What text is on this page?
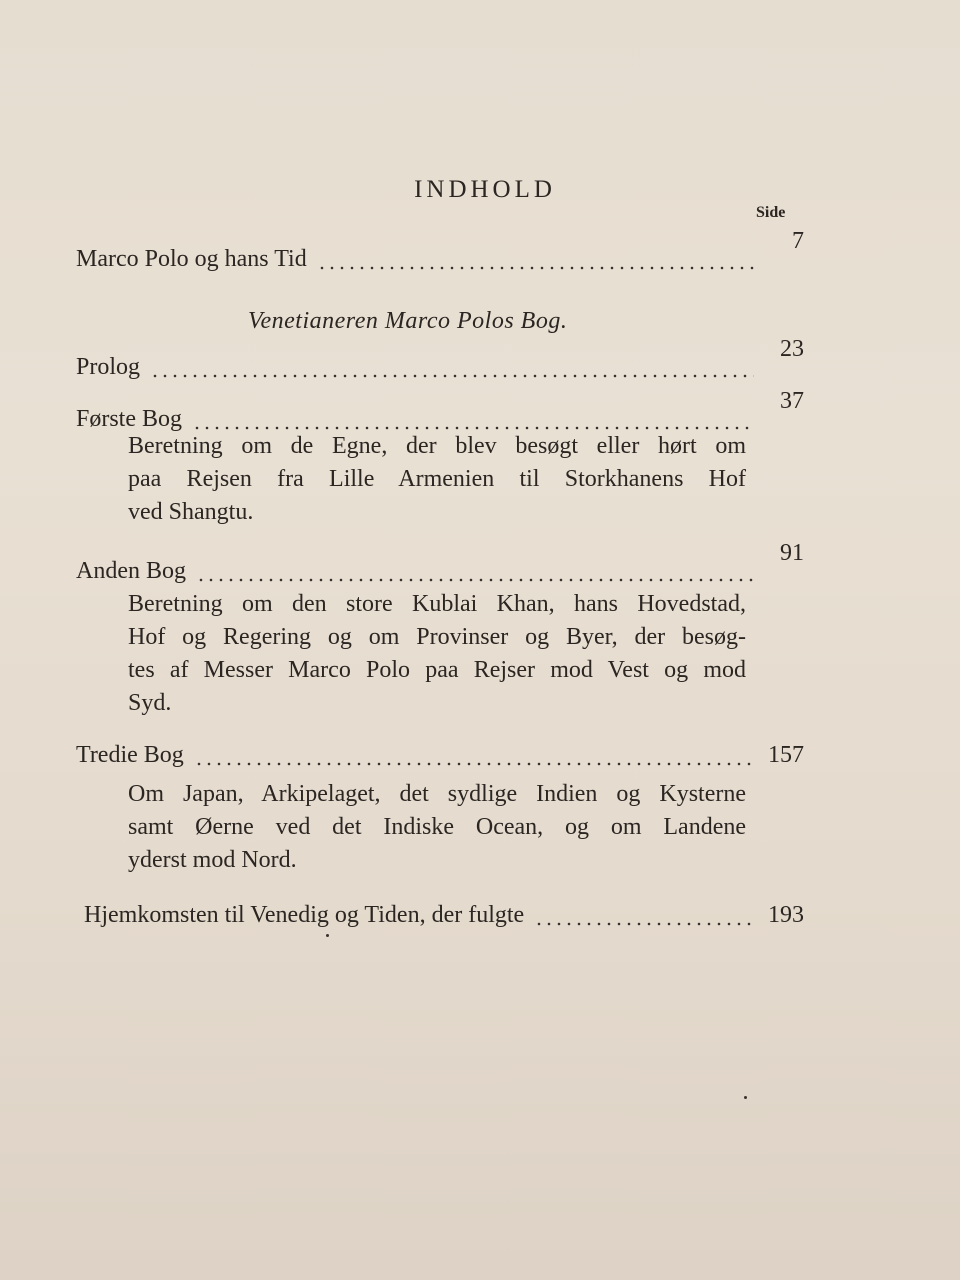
INDHOLD
Side
Marco Polo og hans Tid
7
Venetianeren Marco Polos Bog.
Prolog
23
Første Bog
37
Beretning om de Egne, der blev besøgt eller hørt om
paa Rejsen fra Lille Armenien til Storkhanens Hof
ved Shangtu.
Anden Bog
91
Beretning om den store Kublai Khan, hans Hovedstad,
Hof og Regering og om Provinser og Byer, der besøg-
tes af Messer Marco Polo paa Rejser mod Vest og mod
Syd.
Tredie Bog	157
Om Japan, Arkipelaget, det sydlige Indien og Kysterne
samt Øerne ved det Indiske Ocean, og om Landene
yderst mod Nord.
Hjemkomsten til Venedig og Tiden, der fulgte	193
